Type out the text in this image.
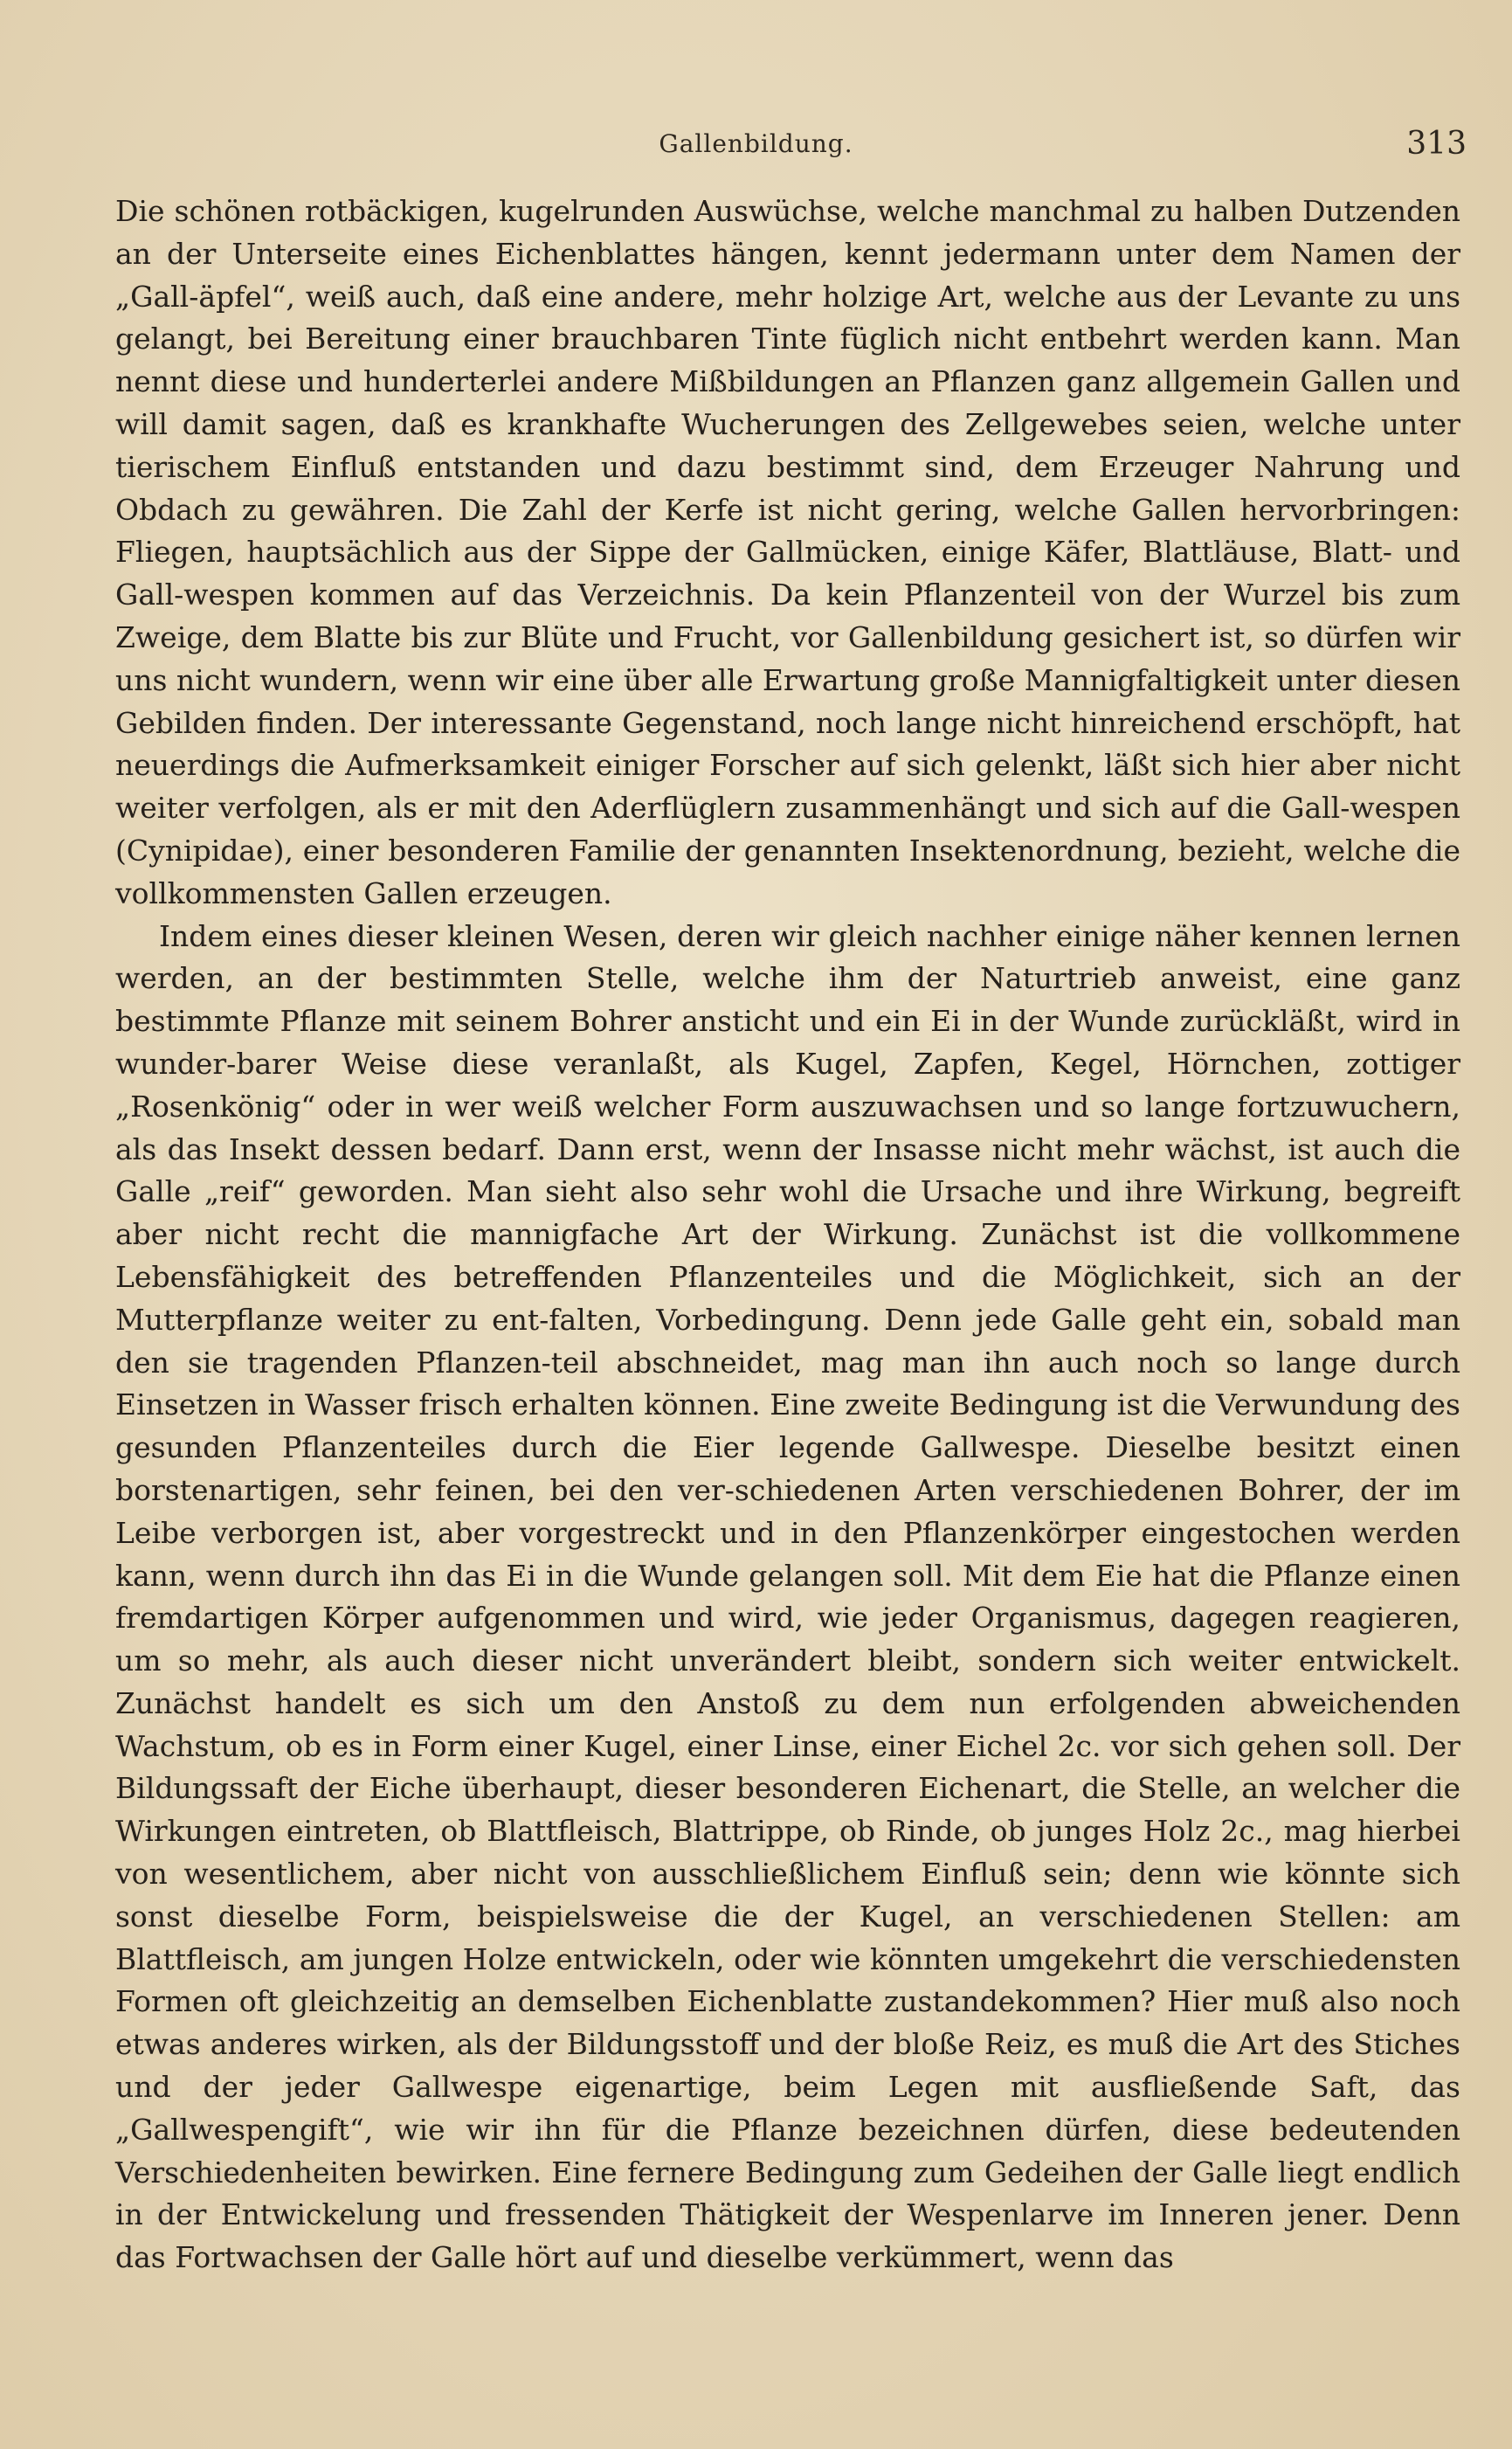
Gallenbildung.	313

Die schönen rotbäckigen, kugelrunden Auswüchse, welche manchmal zu halben Dutzenden an der Unterseite eines Eichenblattes hängen, kennt jedermann unter dem Namen der „Gall‐äpfel“, weiß auch, daß eine andere, mehr holzige Art, welche aus der Levante zu uns gelangt, bei Bereitung einer brauchbaren Tinte füglich nicht entbehrt werden kann. Man nennt diese und hunderterlei andere Mißbildungen an Pflanzen ganz allgemein Gallen und will damit sagen, daß es krankhafte Wucherungen des Zellgewebes seien, welche unter tierischem Einfluß entstanden und dazu bestimmt sind, dem Erzeuger Nahrung und Obdach zu gewähren. Die Zahl der Kerfe ist nicht gering, welche Gallen hervorbringen: Fliegen, hauptsächlich aus der Sippe der Gallmücken, einige Käfer, Blattläuse, Blatt‐ und Gall‐wespen kommen auf das Verzeichnis. Da kein Pflanzenteil von der Wurzel bis zum Zweige, dem Blatte bis zur Blüte und Frucht, vor Gallenbildung gesichert ist, so dürfen wir uns nicht wundern, wenn wir eine über alle Erwartung große Mannigfaltigkeit unter diesen Gebilden finden. Der interessante Gegenstand, noch lange nicht hinreichend erschöpft, hat neuerdings die Aufmerksamkeit einiger Forscher auf sich gelenkt, läßt sich hier aber nicht weiter verfolgen, als er mit den Aderflüglern zusammenhängt und sich auf die Gall‐wespen (Cynipidae), einer besonderen Familie der genannten Insektenordnung, bezieht, welche die vollkommensten Gallen erzeugen.

Indem eines dieser kleinen Wesen, deren wir gleich nachher einige näher kennen lernen werden, an der bestimmten Stelle, welche ihm der Naturtrieb anweist, eine ganz bestimmte Pflanze mit seinem Bohrer ansticht und ein Ei in der Wunde zurückläßt, wird in wunder‐barer Weise diese veranlaßt, als Kugel, Zapfen, Kegel, Hörnchen, zottiger „Rosenkönig“ oder in wer weiß welcher Form auszuwachsen und so lange fortzuwuchern, als das Insekt dessen bedarf. Dann erst, wenn der Insasse nicht mehr wächst, ist auch die Galle „reif“ geworden. Man sieht also sehr wohl die Ursache und ihre Wirkung, begreift aber nicht recht die mannigfache Art der Wirkung. Zunächst ist die vollkommene Lebensfähigkeit des betreffenden Pflanzenteiles und die Möglichkeit, sich an der Mutterpflanze weiter zu ent‐falten, Vorbedingung. Denn jede Galle geht ein, sobald man den sie tragenden Pflanzen‐teil abschneidet, mag man ihn auch noch so lange durch Einsetzen in Wasser frisch erhalten können. Eine zweite Bedingung ist die Verwundung des gesunden Pflanzenteiles durch die Eier legende Gallwespe. Dieselbe besitzt einen borstenartigen, sehr feinen, bei den ver‐schiedenen Arten verschiedenen Bohrer, der im Leibe verborgen ist, aber vorgestreckt und in den Pflanzenkörper eingestochen werden kann, wenn durch ihn das Ei in die Wunde gelangen soll. Mit dem Eie hat die Pflanze einen fremdartigen Körper aufgenommen und wird, wie jeder Organismus, dagegen reagieren, um so mehr, als auch dieser nicht unverändert bleibt, sondern sich weiter entwickelt. Zunächst handelt es sich um den Anstoß zu dem nun erfolgenden abweichenden Wachstum, ob es in Form einer Kugel, einer Linse, einer Eichel 2c. vor sich gehen soll. Der Bildungssaft der Eiche überhaupt, dieser besonderen Eichenart, die Stelle, an welcher die Wirkungen eintreten, ob Blattfleisch, Blattrippe, ob Rinde, ob junges Holz 2c., mag hierbei von wesentlichem, aber nicht von ausschließlichem Einfluß sein; denn wie könnte sich sonst dieselbe Form, beispielsweise die der Kugel, an verschiedenen Stellen: am Blattfleisch, am jungen Holze entwickeln, oder wie könnten umgekehrt die verschiedensten Formen oft gleichzeitig an demselben Eichenblatte zustandekommen? Hier muß also noch etwas anderes wirken, als der Bildungsstoff und der bloße Reiz, es muß die Art des Stiches und der jeder Gallwespe eigenartige, beim Legen mit ausfließende Saft, das „Gallwespengift“, wie wir ihn für die Pflanze bezeichnen dürfen, diese bedeutenden Verschiedenheiten bewirken. Eine fernere Bedingung zum Gedeihen der Galle liegt endlich in der Entwickelung und fressenden Thätigkeit der Wespenlarve im Inneren jener. Denn das Fortwachsen der Galle hört auf und dieselbe verkümmert, wenn das
